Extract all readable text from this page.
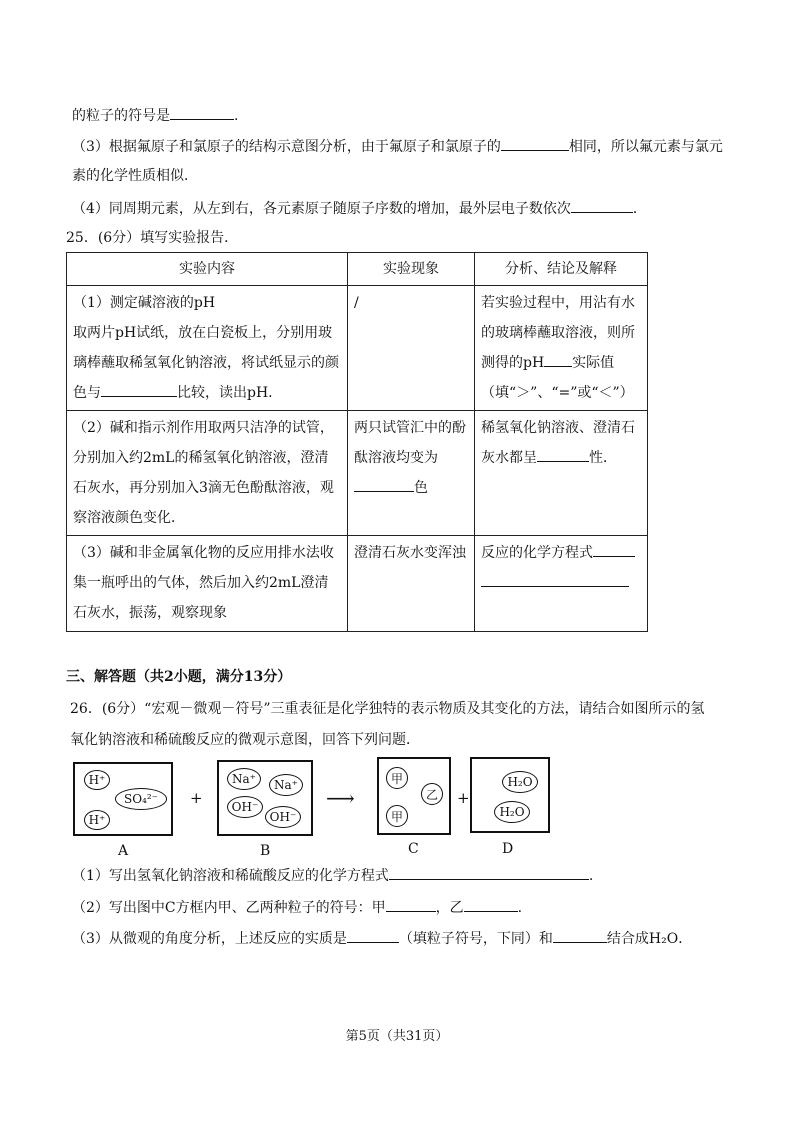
的粒子的符号是	.
（3）根据氟原子和氯原子的结构示意图分析，由于氟原子和氯原子的	相同，所以氟元素与氯元
素的化学性质相似．
（4）同周期元素，从左到右，各元素原子随原子序数的增加，最外层电子数依次	．
25．(6分）填写实验报告．
实验内容	实验现象	分析、结论及解释
（1）测定碱溶液的pH
取两片pH试纸，放在白瓷板上，分别用玻璃棒蘸取稀氢氧化钠溶液，将试纸显示的颜色与 比较，读出pH.	/	若实验过程中，用沾有水的玻璃棒蘸取溶液，则所测得的pH 实际值（填“＞”、“=”或“＜”）
（2）碱和指示剂作用取两只洁净的试管，分别加入约2mL的稀氢氧化钠溶液，澄清石灰水，再分别加入3滴无色酚酞溶液，观察溶液颜色变化．	两只试管汇中的酚酞溶液均变为色	稀氢氧化钠溶液、澄清石灰水都呈 性．
（3）碱和非金属氧化物的反应用排水法收集一瓶呼出的气体，然后加入约2mL澄清石灰水，振荡，观察现象	澄清石灰水变浑浊	反应的化学方程式

三、解答题（共2小题，满分13分）
26．(6分）“宏观－微观－符号”三重表征是化学独特的表示物质及其变化的方法，请结合如图所示的氢
氧化钠溶液和稀硫酸反应的微观示意图，回答下列问题．
H⁺
SO₄²⁻
H⁺
+
Na⁺	Na⁺
OH⁻
OH⁻
⟶
甲
乙
甲
+
H₂O
H₂O
A	B	C	D
（1）写出氢氧化钠溶液和稀硫酸反应的化学方程式	.
（2）写出图中C方框内甲、乙两种粒子的符号：甲	，乙	.
（3）从微观的角度分析，上述反应的实质是	（填粒子符号，下同）和	结合成H₂O．
第5页（共31页）
